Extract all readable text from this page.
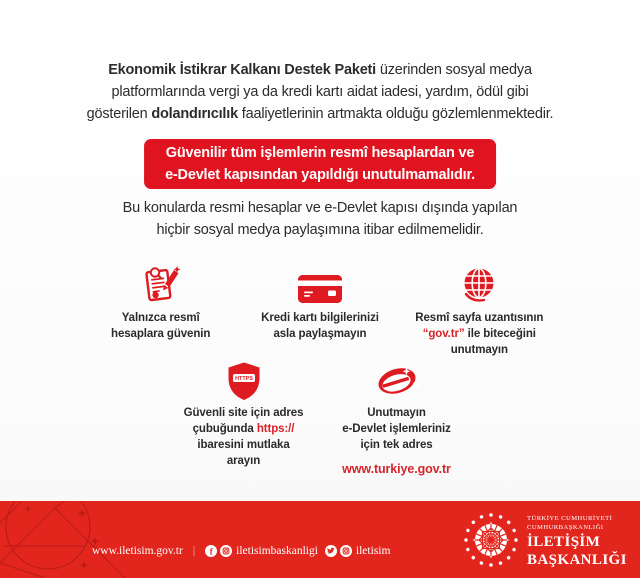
Ekonomik İstikrar Kalkanı Destek Paketi üzerinden sosyal medya
platformlarında vergi ya da kredi kartı aidat iadesi, yardım, ödül gibi
gösterilen dolandırıcılık faaliyetlerinin artmakta olduğu gözlemlenmektedir.
Güvenilir tüm işlemlerin resmî hesaplardan ve
e-Devlet kapısından yapıldığı unutulmamalıdır.
Bu konularda resmi hesaplar ve e-Devlet kapısı dışında yapılan
hiçbir sosyal medya paylaşımına itibar edilmemelidir.
Yalnızca resmî
hesaplara güvenin
Kredi kartı bilgilerinizi
asla paylaşmayın
Resmî sayfa uzantısının
“gov.tr” ile biteceğini
unutmayın
HTTPS
Güvenli site için adres
çubuğunda https://
ibaresini mutlaka
arayın
Unutmayın
e-Devlet işlemleriniz
için tek adres
www.turkiye.gov.tr
www.iletisim.gov.tr |	f iletisimbaskanligi	iletisim
TÜRKİYE CUMHURİYETİ
CUMHURBAŞKANLIĞI
İLETİŞİM
BAŞKANLIĞI
